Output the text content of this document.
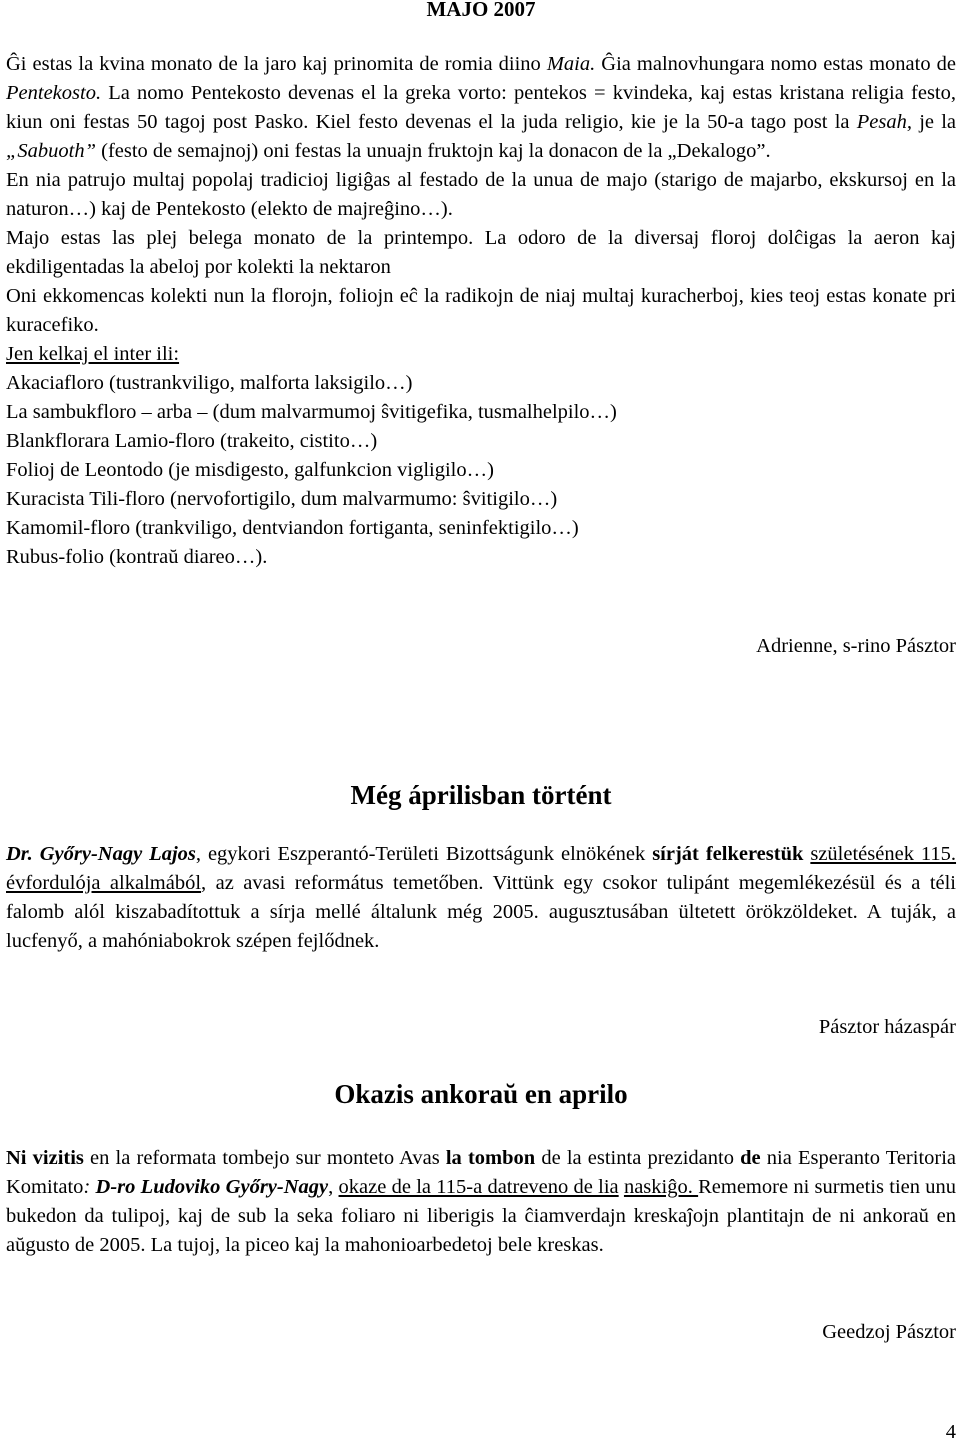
MAJO 2007

Ĝi estas la kvina monato de la jaro kaj prinomita de romia diino Maia. Ĝia malnovhungara nomo estas monato de Pentekosto. La nomo Pentekosto devenas el la greka vorto: pentekos = kvindeka, kaj estas kristana religia festo, kiun oni festas 50 tagoj post Pasko. Kiel festo devenas el la juda religio, kie je la 50-a tago post la Pesah, je la „Sabuoth” (festo de semajnoj) oni festas la unuajn fruktojn kaj la donacon de la „Dekalogo”.

En nia patrujo multaj popolaj tradicioj ligiĝas al festado de la unua de majo (starigo de majarbo, ekskursoj en la naturon…) kaj de Pentekosto (elekto de majreĝino…).

Majo estas las plej belega monato de la printempo. La odoro de la diversaj floroj dolĉigas la aeron kaj ekdiligentadas la abeloj por kolekti la nektaron

Oni ekkomencas kolekti nun la florojn, foliojn eĉ la radikojn de niaj multaj kuracherboj, kies teoj estas konate pri kuracefiko.

Jen kelkaj el inter ili:

Akaciafloro (tustrankviligo, malforta laksigilo…)

La sambukfloro – arba – (dum malvarmumoj ŝvitigefika, tusmalhelpilo…)

Blankflorara Lamio-floro (trakeito, cistito…)

Folioj de Leontodo (je misdigesto, galfunkcion vigligilo…)

Kuracista Tili-floro (nervofortigilo, dum malvarmumo: ŝvitigilo…)

Kamomil-floro (trankviligo, dentviandon fortiganta, seninfektigilo…)

Rubus-folio (kontraŭ diareo…).

Adrienne, s-rino Pásztor

Még áprilisban történt

Dr. Győry-Nagy Lajos, egykori Eszperantó-Területi Bizottságunk elnökének sírját felkerestük születésének 115. évfordulója alkalmából, az avasi református temetőben. Vittünk egy csokor tulipánt megemlékezésül és a téli falomb alól kiszabadítottuk a sírja mellé általunk még 2005. augusztusában ültetett örökzöldeket. A tuják, a lucfenyő, a mahóniabokrok szépen fejlődnek.

Pásztor házaspár

Okazis ankoraŭ en aprilo

Ni vizitis en la reformata tombejo sur monteto Avas la tombon de la estinta prezidanto de nia Esperanto Teritoria Komitato: D-ro Ludoviko Győry-Nagy, okaze de la 115-a datreveno de lia naskiĝo. Rememore ni surmetis tien unu bukedon da tulipoj, kaj de sub la seka foliaro ni liberigis la ĉiamverdajn kreskaĵojn plantitajn de ni ankoraŭ en aŭgusto de 2005. La tujoj, la piceo kaj la mahonioarbedetoj bele kreskas.

Geedzoj Pásztor

4
